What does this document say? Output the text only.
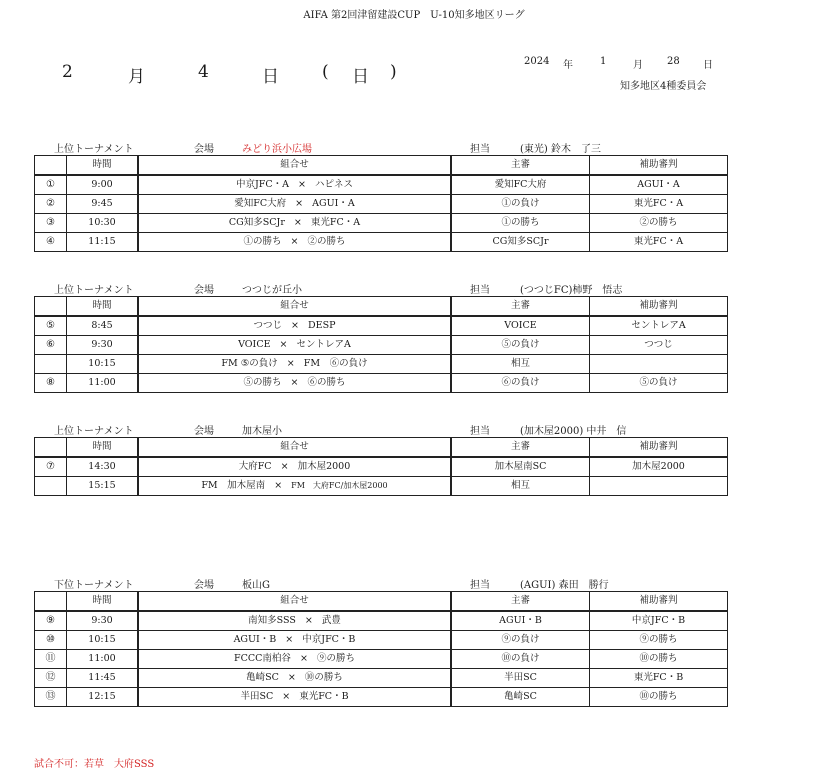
AIFA 第2回津留建設CUP　U-10知多地区リーグ
2	月	4	日	( 日 )
2024 年	1	月 28 日
知多地区4種委員会
上位トーナメント	会場	みどり浜小広場	担当	(東光) 鈴木　了三
	時間	組合せ	主審	補助審判
①	9:00	中京JFC・A × ハピネス	愛知FC大府	AGUI・A
②	9:45	愛知FC大府 × AGUI・A	①の負け	東光FC・A
③	10:30	CG知多SCJr × 東光FC・A	①の勝ち	②の勝ち
④	11:15	①の勝ち × ②の勝ち	CG知多SCJr	東光FC・A
上位トーナメント	会場	つつじが丘小	担当	(つつじFC)柿野　悟志
	時間	組合せ	主審	補助審判
⑤	8:45	つつじ × DESP	VOICE	セントレアA
⑥	9:30	VOICE × セントレアA	⑤の負け	つつじ
	10:15	FM ⑤の負け × FM　⑥の負け	相互	
⑧	11:00	⑤の勝ち × ⑥の勝ち	⑥の負け	⑤の負け
上位トーナメント	会場	加木屋小	担当	(加木屋2000) 中井　信
	時間	組合せ	主審	補助審判
⑦	14:30	大府FC × 加木屋2000	加木屋南SC	加木屋2000
	15:15	FM　加木屋南 × FM　大府FC/加木屋2000	相互	
下位トーナメント	会場	板山G	担当	(AGUI) 森田　勝行
	時間	組合せ	主審	補助審判
⑨	9:30	南知多SSS × 武豊	AGUI・B	中京JFC・B
⑩	10:15	AGUI・B × 中京JFC・B	⑨の負け	⑨の勝ち
⑪	11:00	FCCC南柏谷 × ⑨の勝ち	⑩の負け	⑩の勝ち
⑫	11:45	亀崎SC × ⑩の勝ち	半田SC	東光FC・B
⑬	12:15	半田SC × 東光FC・B	亀崎SC	⑩の勝ち
試合不可：若草　大府SSS
